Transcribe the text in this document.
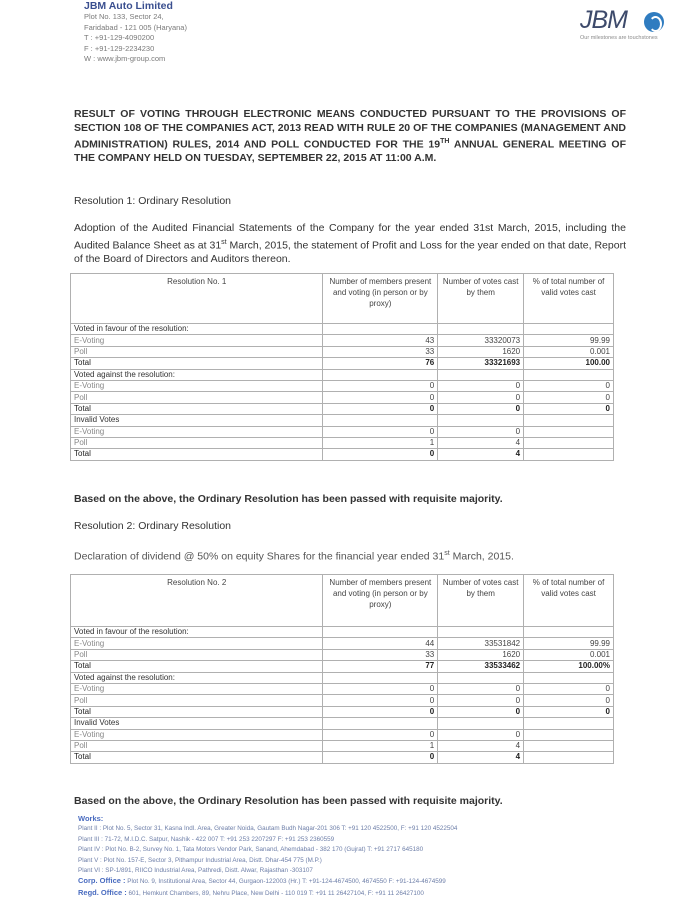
JBM Auto Limited
Plot No. 133, Sector 24,
Faridabad - 121 005 (Haryana)
T : +91-129-4090200
F : +91-129-2234230
W : www.jbm-group.com
JBM
Our milestones are touchstones
RESULT OF VOTING THROUGH ELECTRONIC MEANS CONDUCTED PURSUANT TO THE PROVISIONS OF SECTION 108 OF THE COMPANIES ACT, 2013 READ WITH RULE 20 OF THE COMPANIES (MANAGEMENT AND ADMINISTRATION) RULES, 2014 AND POLL CONDUCTED FOR THE 19TH ANNUAL GENERAL MEETING OF THE COMPANY HELD ON TUESDAY, SEPTEMBER 22, 2015 AT 11:00 A.M.
Resolution 1: Ordinary Resolution
Adoption of the Audited Financial Statements of the Company for the year ended 31st March, 2015, including the Audited Balance Sheet as at 31st March, 2015, the statement of Profit and Loss for the year ended on that date, Report of the Board of Directors and Auditors thereon.
Resolution No. 1	Number of members present and voting (in person or by proxy)	Number of votes cast by them	% of total number of valid votes cast
Voted in favour of the resolution:			
E-Voting	43	33320073	99.99
Poll	33	1620	0.001
Total	76	33321693	100.00
Voted against the resolution:			
E-Voting	0	0	0
Poll	0	0	0
Total	0	0	0
Invalid Votes			
E-Voting	0	0	
Poll	1	4	
Total	0	4	
Based on the above, the Ordinary Resolution has been passed with requisite majority.
Resolution 2: Ordinary Resolution
Declaration of dividend @ 50% on equity Shares for the financial year ended 31st March, 2015.
Resolution No. 2	Number of members present and voting (in person or by proxy)	Number of votes cast by them	% of total number of valid votes cast
Voted in favour of the resolution:			
E-Voting	44	33531842	99.99
Poll	33	1620	0.001
Total	77	33533462	100.00%
Voted against the resolution:			
E-Voting	0	0	0
Poll	0	0	0
Total	0	0	0
Invalid Votes			
E-Voting	0	0	
Poll	1	4	
Total	0	4	
Based on the above, the Ordinary Resolution has been passed with requisite majority.
Works:
Plant II : Plot No. 5, Sector 31, Kasna Indl. Area, Greater Noida, Gautam Budh Nagar-201 306 T: +91 120 4522500, F: +91 120 4522504
Plant III : 71-72, M.I.D.C. Satpur, Nashik - 422 007 T: +91 253 2207297 F: +91 253 2360559
Plant IV : Plot No. B-2, Survey No. 1, Tata Motors Vendor Park, Sanand, Ahemdabad - 382 170 (Gujrat) T: +91 2717 645180
Plant V : Plot No. 157-E, Sector 3, Pithampur Industrial Area, Distt. Dhar-454 775 (M.P.)
Plant VI : SP-1/891, RIICO Industrial Area, Pathredi, Distt. Alwar, Rajasthan -303107
Corp. Office : Plot No. 9, Institutional Area, Sector 44, Gurgaon-122003 (Hr.) T: +91-124-4674500, 4674550 F: +91-124-4674599
Regd. Office : 601, Hemkunt Chambers, 89, Nehru Place, New Delhi - 110 019 T: +91 11 26427104, F: +91 11 26427100
